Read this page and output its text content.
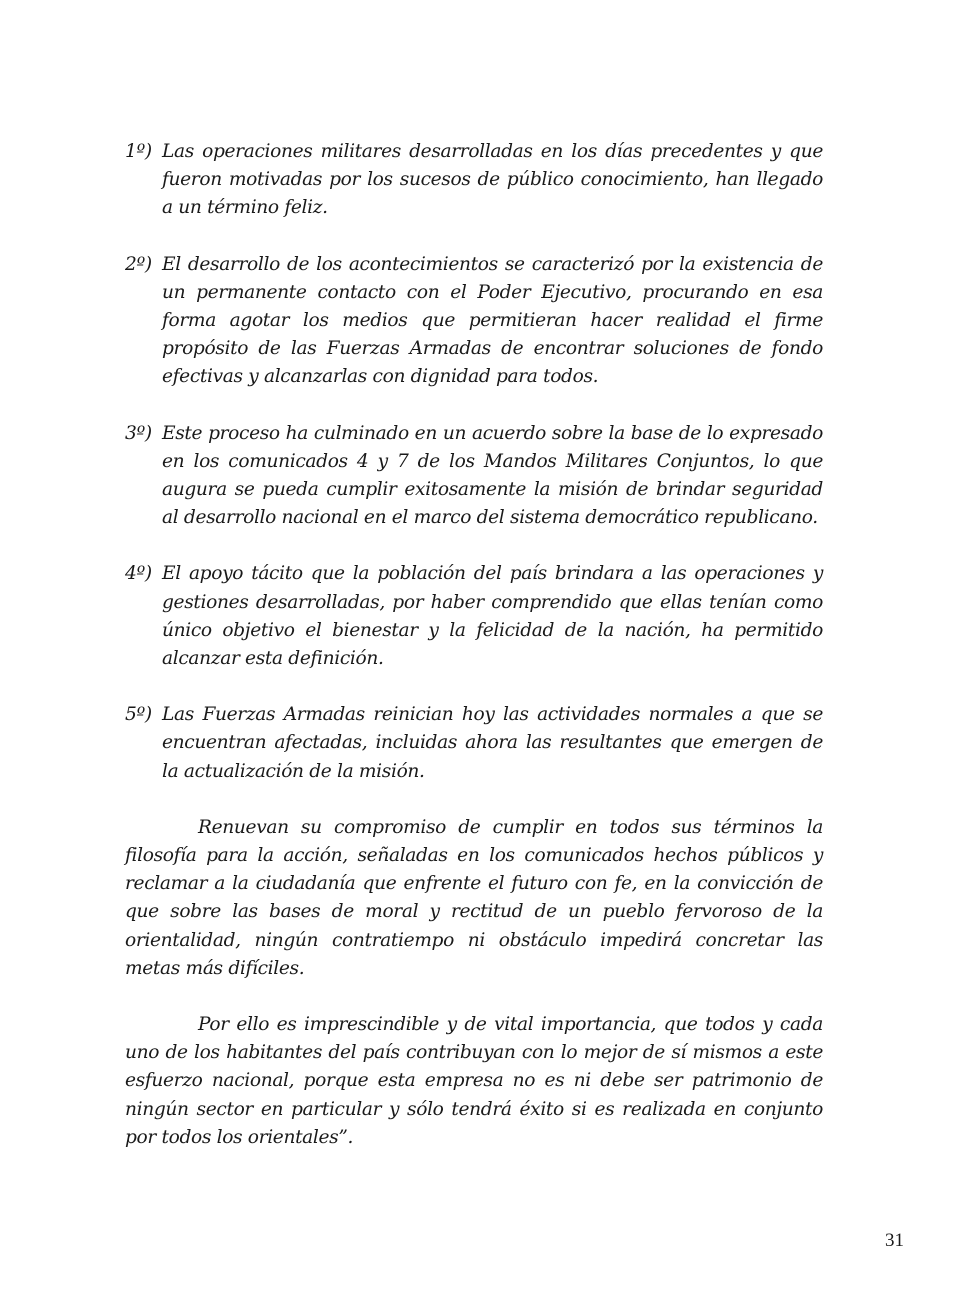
1º) Las operaciones militares desarrolladas en los días precedentes y que fueron motivadas por los sucesos de público conocimiento, han llegado a un término feliz.
2º) El desarrollo de los acontecimientos se caracterizó por la existencia de un permanente contacto con el Poder Ejecutivo, procurando en esa forma agotar los medios que permitieran hacer realidad el firme propósito de las Fuerzas Armadas de encontrar soluciones de fondo efectivas y alcanzarlas con dignidad para todos.
3º) Este proceso ha culminado en un acuerdo sobre la base de lo expresado en los comunicados 4 y 7 de los Mandos Militares Conjuntos, lo que augura se pueda cumplir exitosamente la misión de brindar seguridad al desarrollo nacional en el marco del sistema democrático republicano.
4º) El apoyo tácito que la población del país brindara a las operaciones y gestiones desarrolladas, por haber comprendido que ellas tenían como único objetivo el bienestar y la felicidad de la nación, ha permitido alcanzar esta definición.
5º) Las Fuerzas Armadas reinician hoy las actividades normales a que se encuentran afectadas, incluidas ahora las resultantes que emergen de la actualización de la misión.

Renuevan su compromiso de cumplir en todos sus términos la filosofía para la acción, señaladas en los comunicados hechos públicos y reclamar a la ciudadanía que enfrente el futuro con fe, en la convicción de que sobre las bases de moral y rectitud de un pueblo fervoroso de la orientalidad, ningún contratiempo ni obstáculo impedirá concretar las metas más difíciles.

Por ello es imprescindible y de vital importancia, que todos y cada uno de los habitantes del país contribuyan con lo mejor de sí mismos a este esfuerzo nacional, porque esta empresa no es ni debe ser patrimonio de ningún sector en particular y sólo tendrá éxito si es realizada en conjunto por todos los orientales”.

31
